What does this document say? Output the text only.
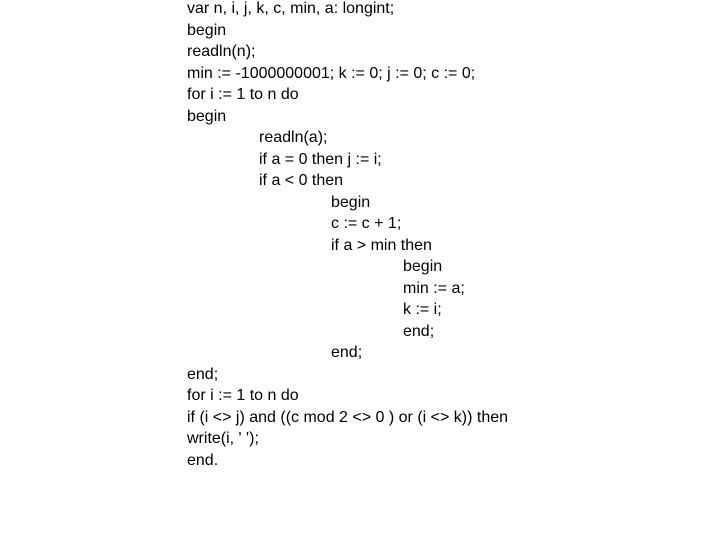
var n, i, j, k, c, min, a: longint;
begin
readln(n);
min := -1000000001; k := 0; j := 0; c := 0;
for i := 1 to n do
begin
readln(a);
if a = 0 then j := i;
if a < 0 then
begin
c := c + 1;
if a > min then
begin
min := a;
k := i;
end;
end;
end;
for i := 1 to n do
if (i <> j) and ((c mod 2 <> 0 ) or (i <> k)) then
write(i, ' ');
end.
